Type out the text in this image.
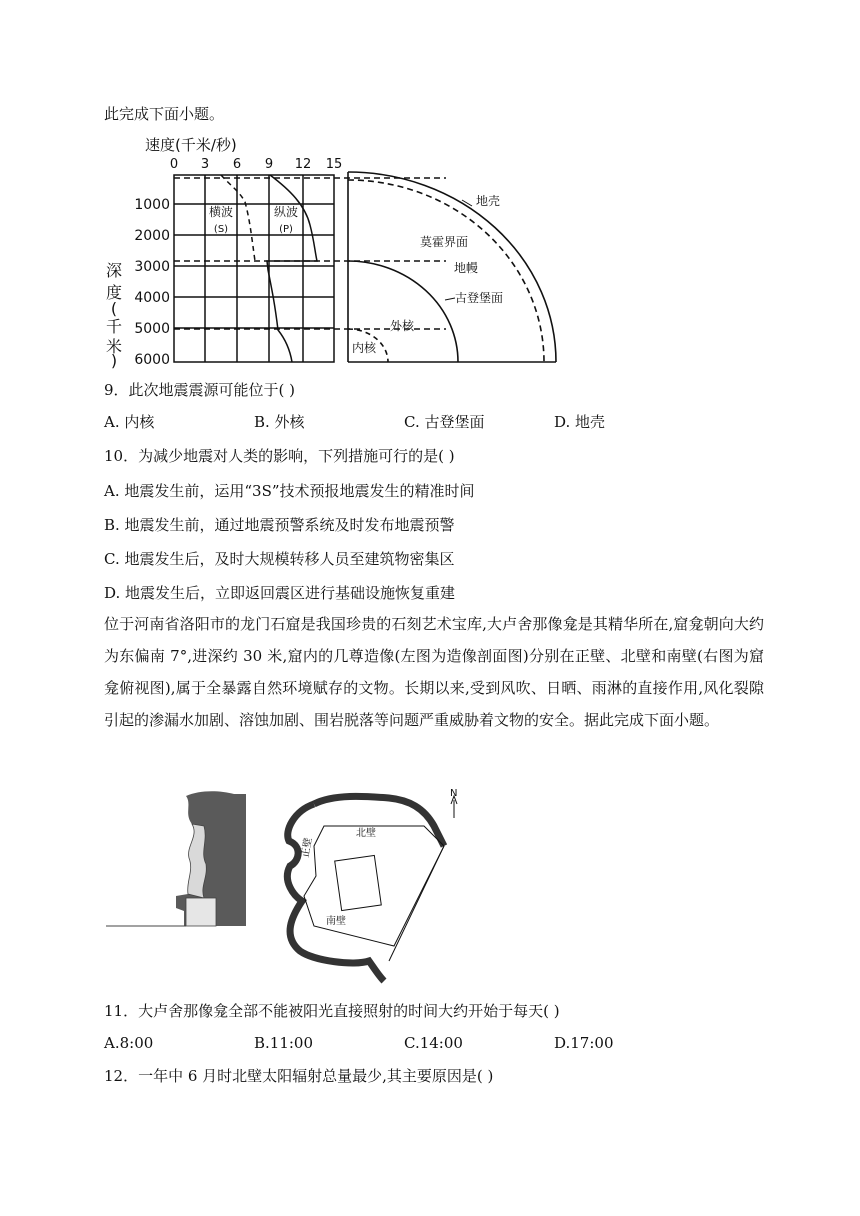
此完成下面小题。
速度(千米/秒)
0 3 6 9 12 15
1000
2000
3000
4000
5000
6000
深
度
(
千
米
)
横波
(S)
纵波
(P)
地壳
莫霍界面
地幔
古登堡面
外核
内核
9．此次地震震源可能位于( )
A. 内核	B. 外核	C. 古登堡面	D. 地壳
10．为减少地震对人类的影响，下列措施可行的是( )
A. 地震发生前，运用“3S”技术预报地震发生的精准时间
B. 地震发生前，通过地震预警系统及时发布地震预警
C. 地震发生后，及时大规模转移人员至建筑物密集区
D. 地震发生后，立即返回震区进行基础设施恢复重建
位于河南省洛阳市的龙门石窟是我国珍贵的石刻艺术宝库,大卢舍那像龛是其精华所在,窟龛朝向大约为东偏南 7°,进深约 30 米,窟内的几尊造像(左图为造像剖面图)分别在正壁、北壁和南壁(右图为窟龛俯视图),属于全暴露自然环境赋存的文物。长期以来,受到风吹、日晒、雨淋的直接作用,风化裂隙引起的渗漏水加剧、溶蚀加剧、围岩脱落等问题严重威胁着文物的安全。据此完成下面小题。
N
北壁
南壁
正壁
11．大卢舍那像龛全部不能被阳光直接照射的时间大约开始于每天( )
A.8:00	B.11:00	C.14:00	D.17:00
12．一年中 6 月时北壁太阳辐射总量最少,其主要原因是( )
